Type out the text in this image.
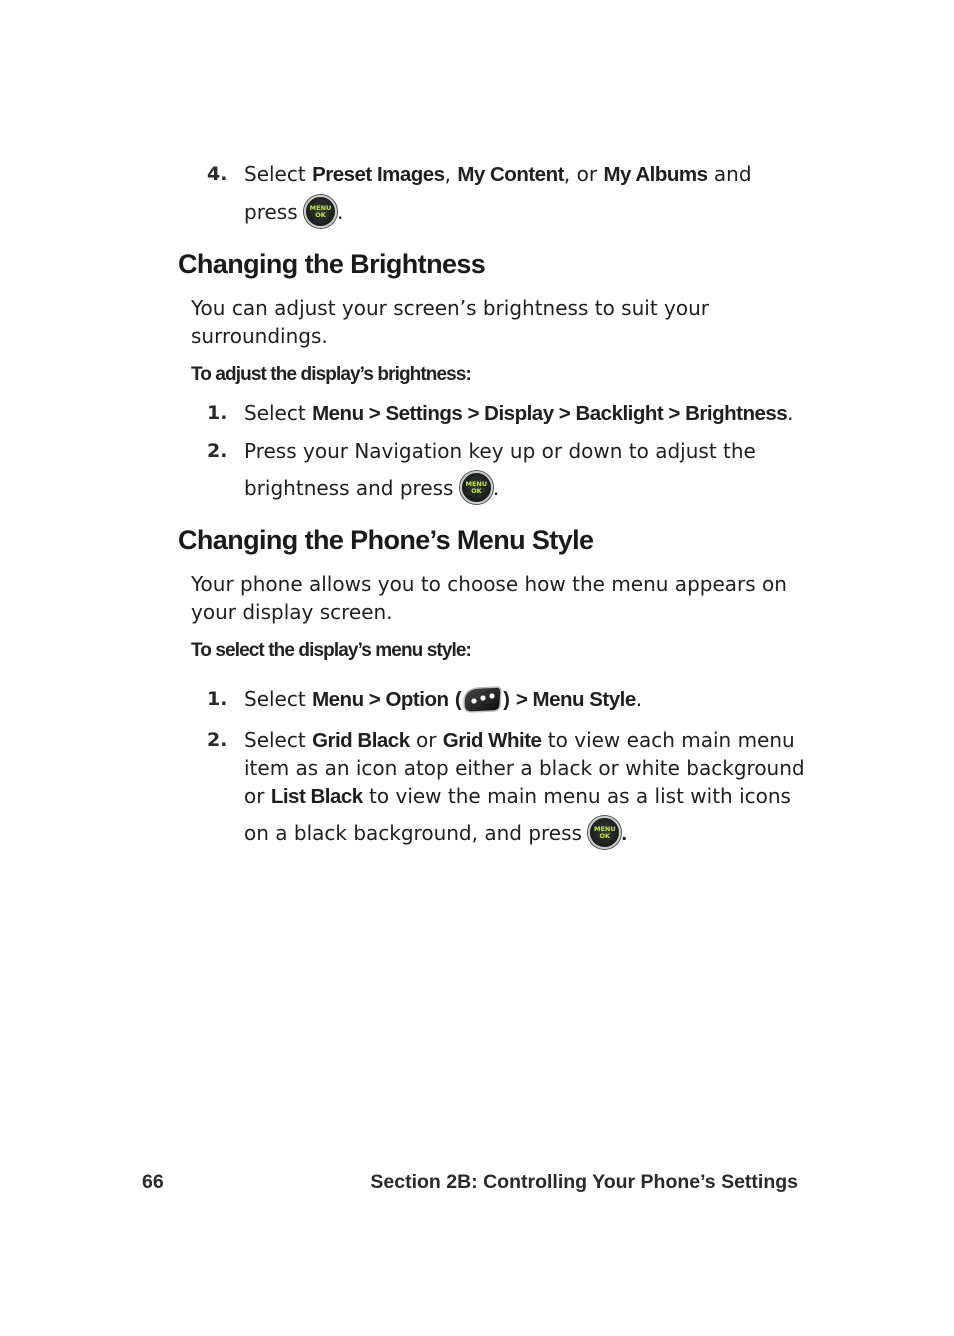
4. Select Preset Images, My Content, or My Albums and
press	MENU
OK .
Changing the Brightness
You can adjust your screen’s brightness to suit your
surroundings.
To adjust the display’s brightness:
1. Select Menu > Settings > Display > Backlight > Brightness.
2. Press your Navigation key up or down to adjust the
brightness and press	MENU
OK .
Changing the Phone’s Menu Style
Your phone allows you to choose how the menu appears on
your display screen.
To select the display’s menu style:
1. Select Menu > Option ( ) > Menu Style.
2. Select Grid Black or Grid White to view each main menu
item as an icon atop either a black or white background
or List Black to view the main menu as a list with icons
on a black background, and press	MENU
OK .
66	Section 2B: Controlling Your Phone’s Settings
